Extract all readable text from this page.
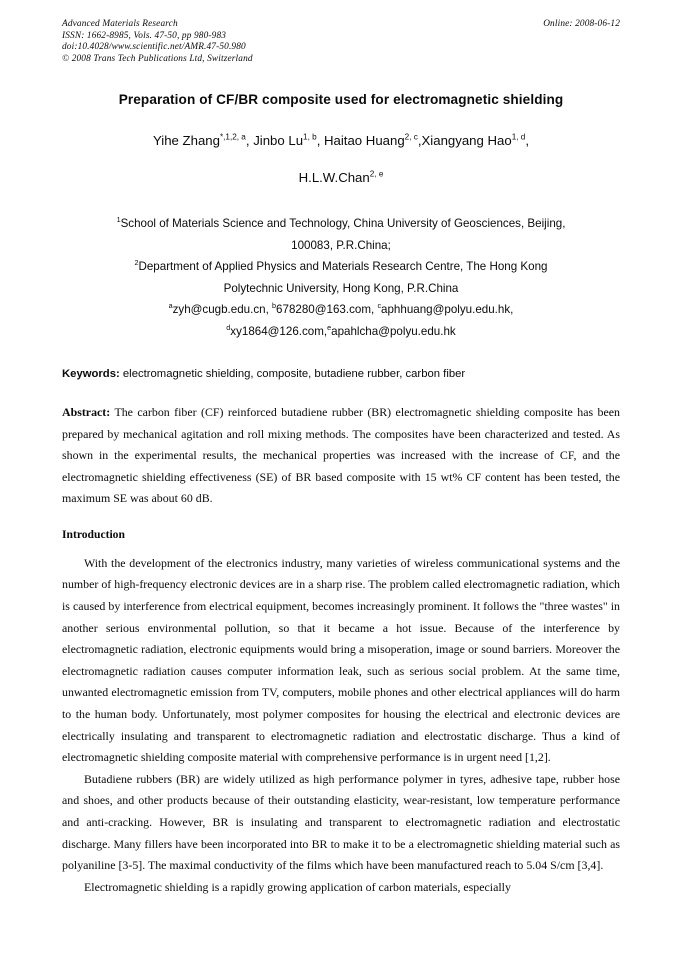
Advanced Materials Research
ISSN: 1662-8985, Vols. 47-50, pp 980-983
doi:10.4028/www.scientific.net/AMR.47-50.980
© 2008 Trans Tech Publications Ltd, Switzerland
Online: 2008-06-12
Preparation of CF/BR composite used for electromagnetic shielding
Yihe Zhang$^{*,1,2, a}$, Jinbo Lu$^{1, b}$, Haitao Huang$^{2, c}$,Xiangyang Hao$^{1, d}$,
H.L.W.Chan$^{2, e}$
$^1$School of Materials Science and Technology, China University of Geosciences, Beijing,
100083, P.R.China;
$^2$Department of Applied Physics and Materials Research Centre, The Hong Kong
Polytechnic University, Hong Kong, P.R.China
$^a$zyh@cugb.edu.cn, $^b$678280@163.com, $^c$aphhuang@polyu.edu.hk,
$^d$xy1864@126.com,$^e$apahlcha@polyu.edu.hk
Keywords: electromagnetic shielding, composite, butadiene rubber, carbon fiber
Abstract: The carbon fiber (CF) reinforced butadiene rubber (BR) electromagnetic shielding composite has been prepared by mechanical agitation and roll mixing methods. The composites have been characterized and tested. As shown in the experimental results, the mechanical properties was increased with the increase of CF, and the electromagnetic shielding effectiveness (SE) of BR based composite with 15 wt% CF content has been tested, the maximum SE was about 60 dB.
Introduction

With the development of the electronics industry, many varieties of wireless communicational systems and the number of high-frequency electronic devices are in a sharp rise. The problem called electromagnetic radiation, which is caused by interference from electrical equipment, becomes increasingly prominent. It follows the "three wastes" in another serious environmental pollution, so that it became a hot issue. Because of the interference by electromagnetic radiation, electronic equipments would bring a misoperation, image or sound barriers. Moreover the electromagnetic radiation causes computer information leak, such as serious social problem. At the same time, unwanted electromagnetic emission from TV, computers, mobile phones and other electrical appliances will do harm to the human body. Unfortunately, most polymer composites for housing the electrical and electronic devices are electrically insulating and transparent to electromagnetic radiation and electrostatic discharge. Thus a kind of electromagnetic shielding composite material with comprehensive performance is in urgent need [1,2].

Butadiene rubbers (BR) are widely utilized as high performance polymer in tyres, adhesive tape, rubber hose and shoes, and other products because of their outstanding elasticity, wear-resistant, low temperature performance and anti-cracking. However, BR is insulating and transparent to electromagnetic radiation and electrostatic discharge. Many fillers have been incorporated into BR to make it to be a electromagnetic shielding material such as polyaniline [3-5]. The maximal conductivity of the films which have been manufactured reach to 5.04 S/cm [3,4].

Electromagnetic shielding is a rapidly growing application of carbon materials, especially
